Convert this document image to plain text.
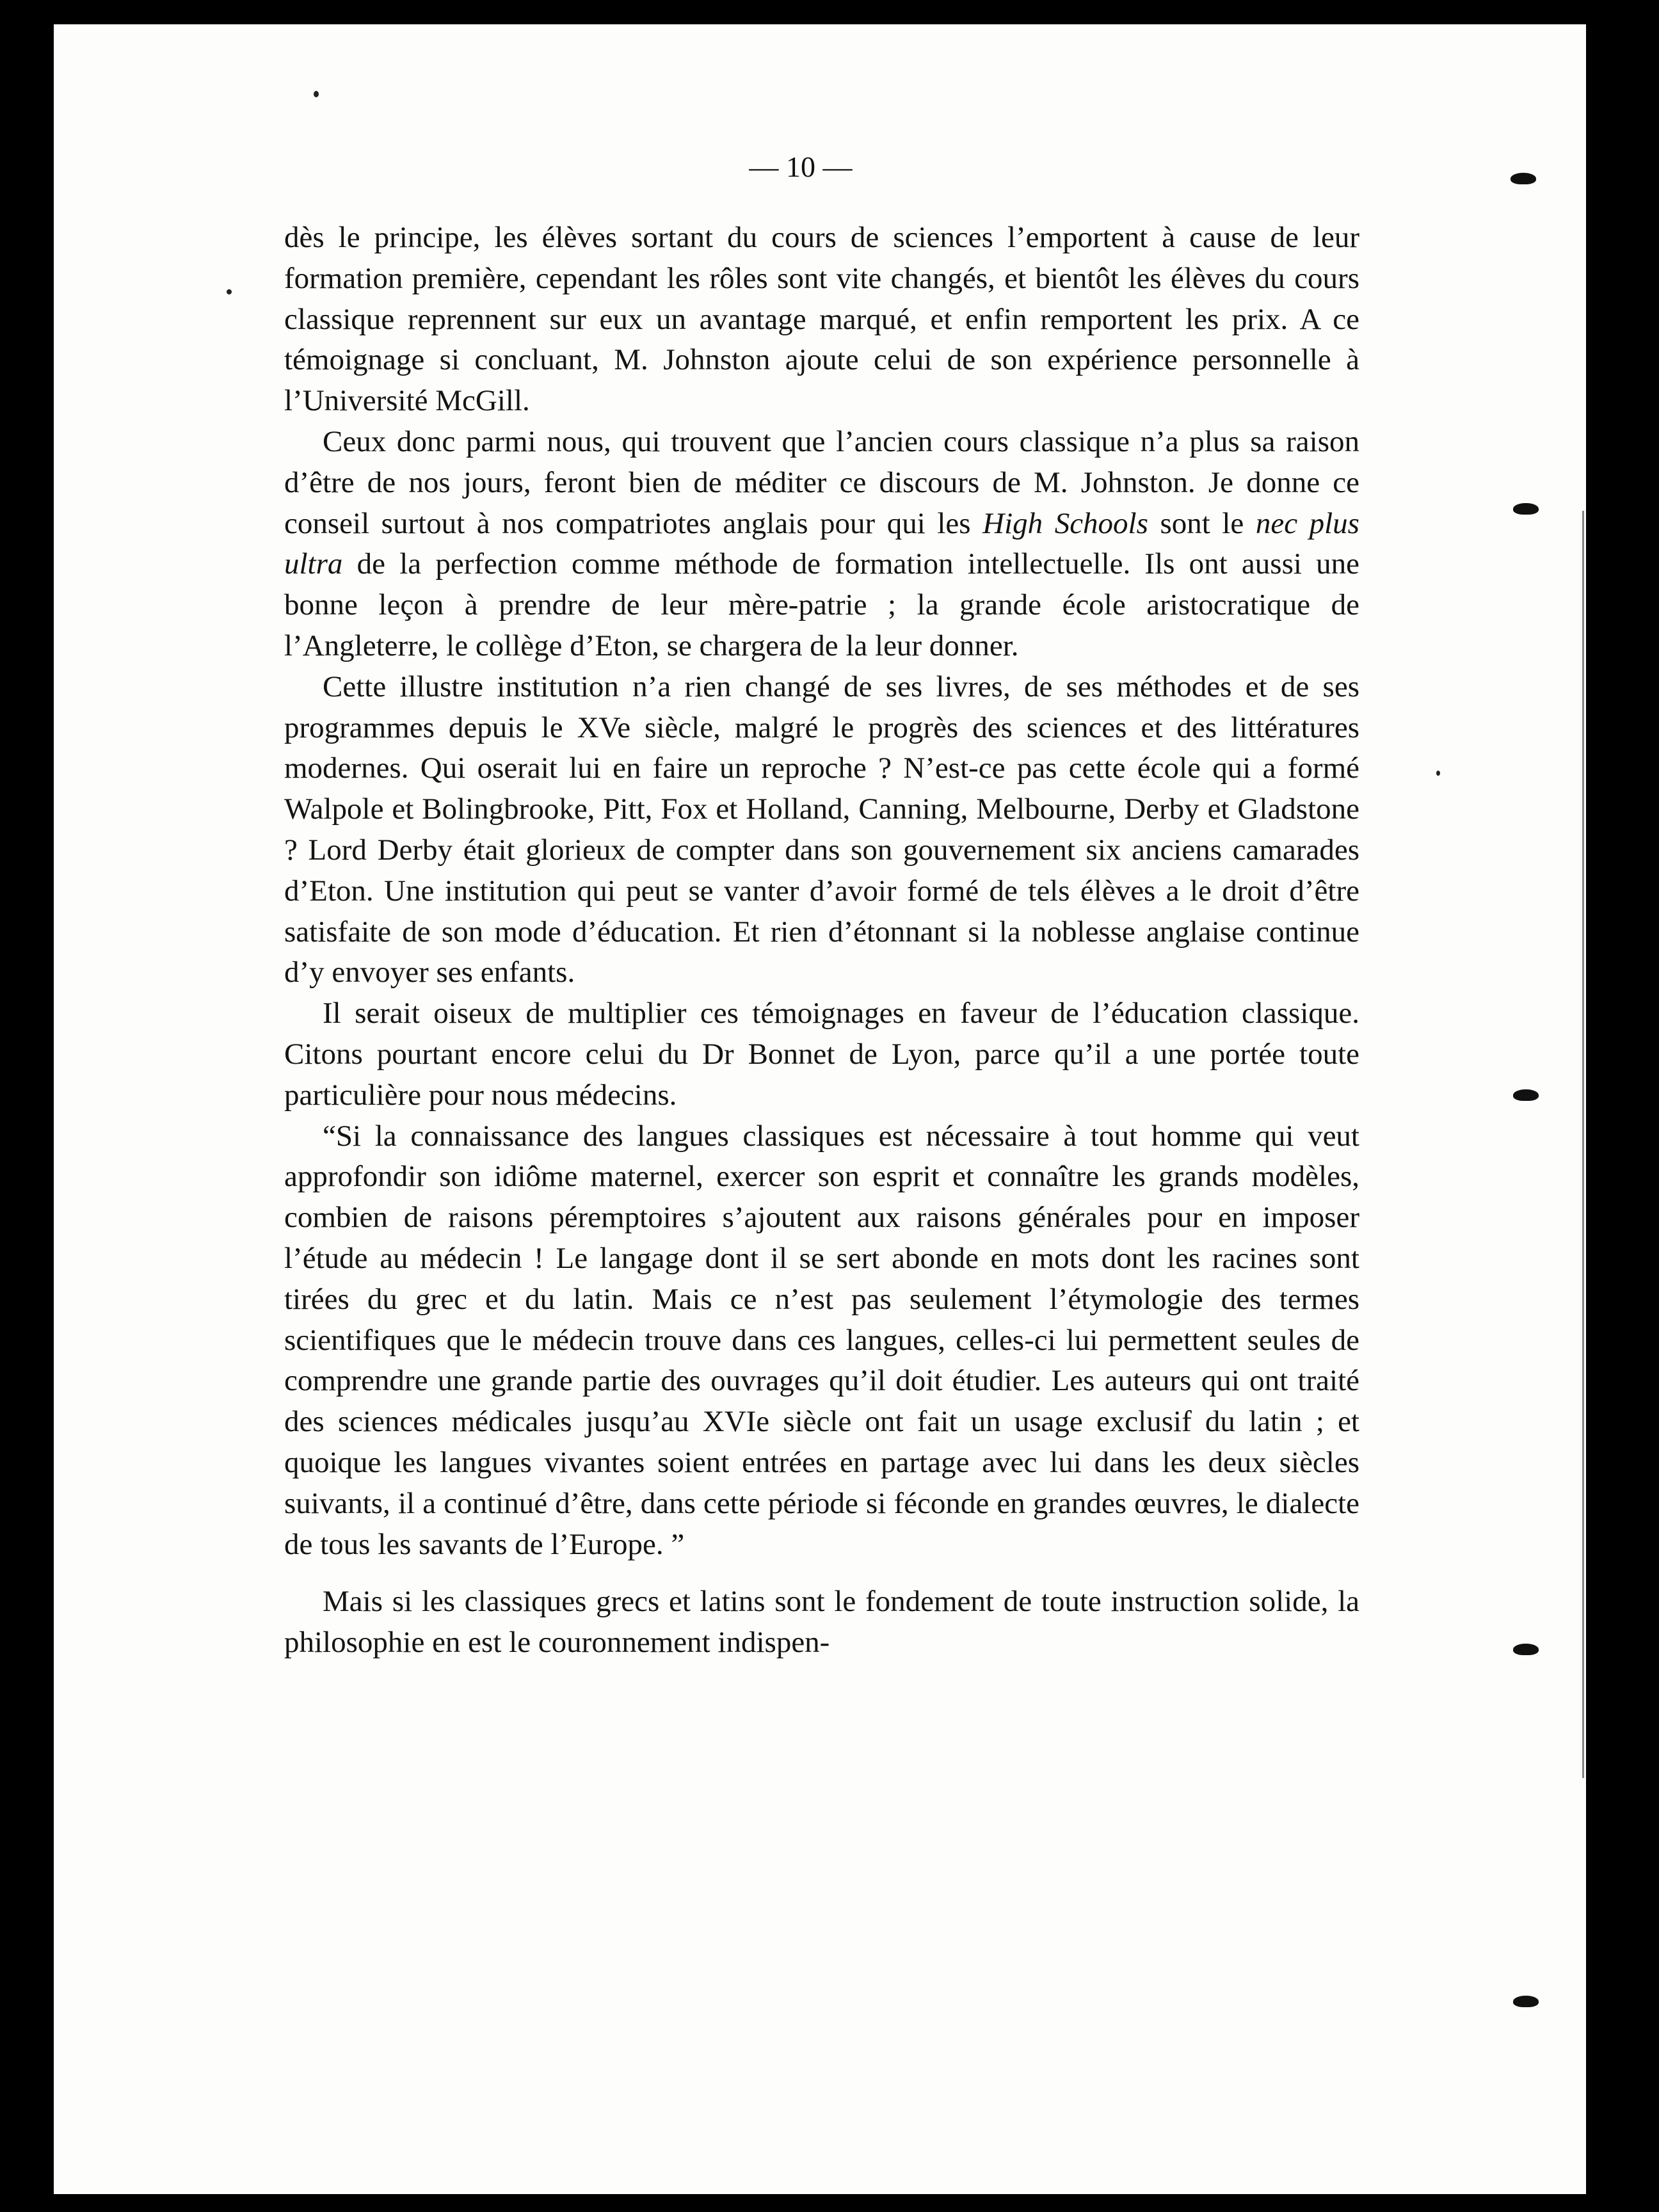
— 10 —

dès le principe, les élèves sortant du cours de sciences l’emportent à cause de leur formation première, cependant les rôles sont vite changés, et bientôt les élèves du cours classique reprennent sur eux un avantage marqué, et enfin remportent les prix. A ce témoignage si concluant, M. Johnston ajoute celui de son expérience personnelle à l’Université McGill.

Ceux donc parmi nous, qui trouvent que l’ancien cours classique n’a plus sa raison d’être de nos jours, feront bien de méditer ce discours de M. Johnston. Je donne ce conseil surtout à nos compatriotes anglais pour qui les High Schools sont le nec plus ultra de la perfection comme méthode de formation intellectuelle. Ils ont aussi une bonne leçon à prendre de leur mère-patrie ; la grande école aristocratique de l’Angleterre, le collège d’Eton, se chargera de la leur donner.

Cette illustre institution n’a rien changé de ses livres, de ses méthodes et de ses programmes depuis le XVe siècle, malgré le progrès des sciences et des littératures modernes. Qui oserait lui en faire un reproche ? N’est-ce pas cette école qui a formé Walpole et Bolingbrooke, Pitt, Fox et Holland, Canning, Melbourne, Derby et Gladstone ? Lord Derby était glorieux de compter dans son gouvernement six anciens camarades d’Eton. Une institution qui peut se vanter d’avoir formé de tels élèves a le droit d’être satisfaite de son mode d’éducation. Et rien d’étonnant si la noblesse anglaise continue d’y envoyer ses enfants.

Il serait oiseux de multiplier ces témoignages en faveur de l’éducation classique. Citons pourtant encore celui du Dr Bonnet de Lyon, parce qu’il a une portée toute particulière pour nous médecins.

“Si la connaissance des langues classiques est nécessaire à tout homme qui veut approfondir son idiôme maternel, exercer son esprit et connaître les grands modèles, combien de raisons péremptoires s’ajoutent aux raisons générales pour en imposer l’étude au médecin ! Le langage dont il se sert abonde en mots dont les racines sont tirées du grec et du latin. Mais ce n’est pas seulement l’étymologie des termes scientifiques que le médecin trouve dans ces langues, celles-ci lui permettent seules de comprendre une grande partie des ouvrages qu’il doit étudier. Les auteurs qui ont traité des sciences médicales jusqu’au XVIe siècle ont fait un usage exclusif du latin ; et quoique les langues vivantes soient entrées en partage avec lui dans les deux siècles suivants, il a continué d’être, dans cette période si féconde en grandes œuvres, le dialecte de tous les savants de l’Europe. ”

Mais si les classiques grecs et latins sont le fondement de toute instruction solide, la philosophie en est le couronnement indispen-
